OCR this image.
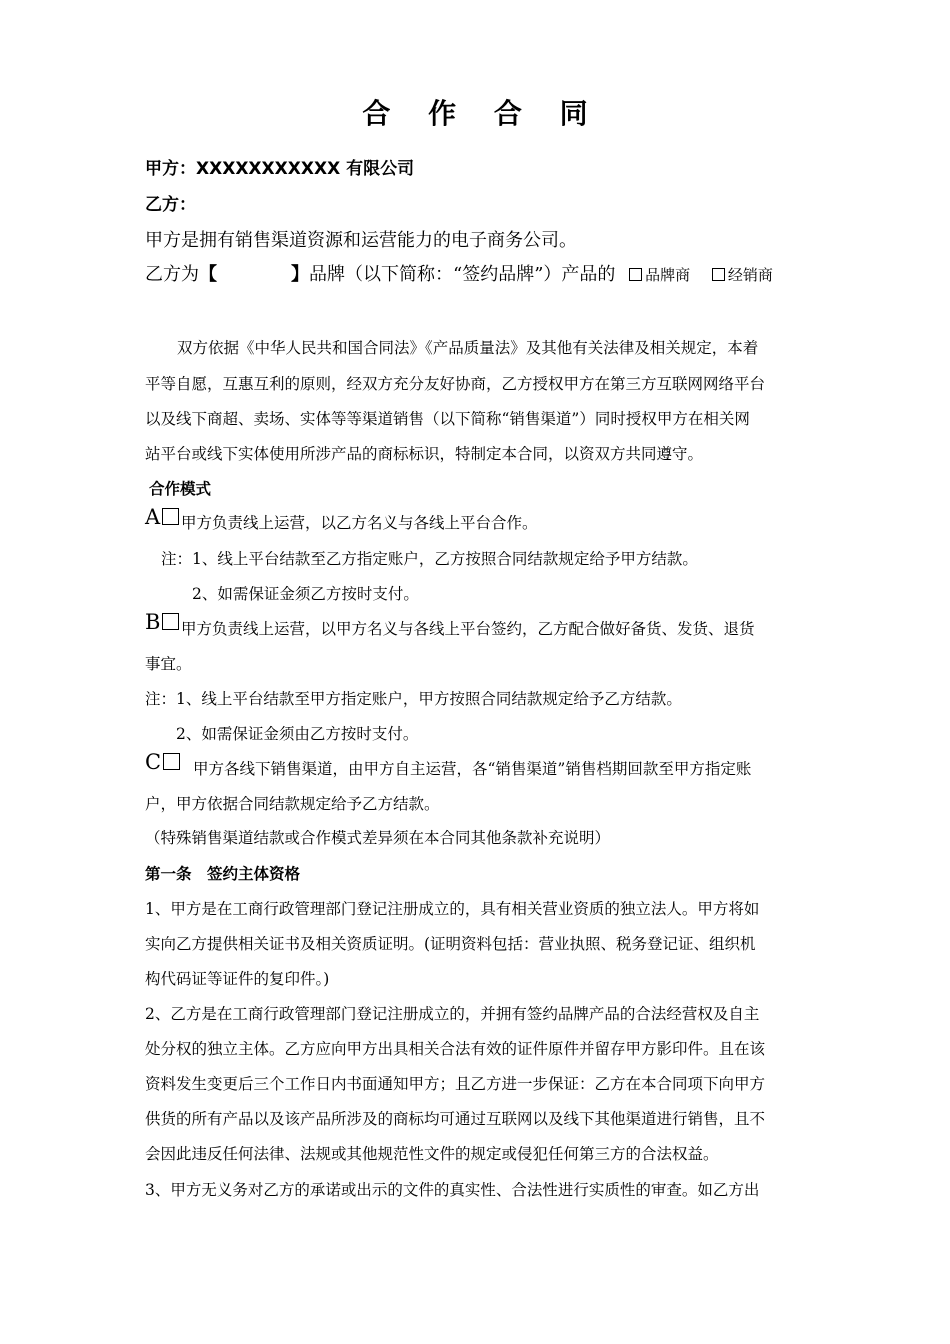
合 作 合 同
甲方：XXXXXXXXXXX 有限公司
乙方：
甲方是拥有销售渠道资源和运营能力的电子商务公司。
乙方为【	】品牌（以下简称：“签约品牌”）产品的 品牌商	经销商
双方依据《中华人民共和国合同法》《产品质量法》及其他有关法律及相关规定，本着
平等自愿，互惠互利的原则，经双方充分友好协商，乙方授权甲方在第三方互联网网络平台
以及线下商超、卖场、实体等等渠道销售（以下简称“销售渠道”）同时授权甲方在相关网
站平台或线下实体使用所涉产品的商标标识，特制定本合同，以资双方共同遵守。
合作模式
A	甲方负责线上运营，以乙方名义与各线上平台合作。
注：1、线上平台结款至乙方指定账户，乙方按照合同结款规定给予甲方结款。
2、如需保证金须乙方按时支付。
B	甲方负责线上运营，以甲方名义与各线上平台签约，乙方配合做好备货、发货、退货
事宜。
注：1、线上平台结款至甲方指定账户，甲方按照合同结款规定给予乙方结款。
2、如需保证金须由乙方按时支付。
C	甲方各线下销售渠道，由甲方自主运营，各“销售渠道”销售档期回款至甲方指定账
户，甲方依据合同结款规定给予乙方结款。
（特殊销售渠道结款或合作模式差异须在本合同其他条款补充说明）
第一条　签约主体资格
1、甲方是在工商行政管理部门登记注册成立的，具有相关营业资质的独立法人。甲方将如
实向乙方提供相关证书及相关资质证明。(证明资料包括：营业执照、税务登记证、组织机
构代码证等证件的复印件。)
2、乙方是在工商行政管理部门登记注册成立的，并拥有签约品牌产品的合法经营权及自主
处分权的独立主体。乙方应向甲方出具相关合法有效的证件原件并留存甲方影印件。且在该
资料发生变更后三个工作日内书面通知甲方；且乙方进一步保证：乙方在本合同项下向甲方
供货的所有产品以及该产品所涉及的商标均可通过互联网以及线下其他渠道进行销售，且不
会因此违反任何法律、法规或其他规范性文件的规定或侵犯任何第三方的合法权益。
3、甲方无义务对乙方的承诺或出示的文件的真实性、合法性进行实质性的审查。如乙方出
